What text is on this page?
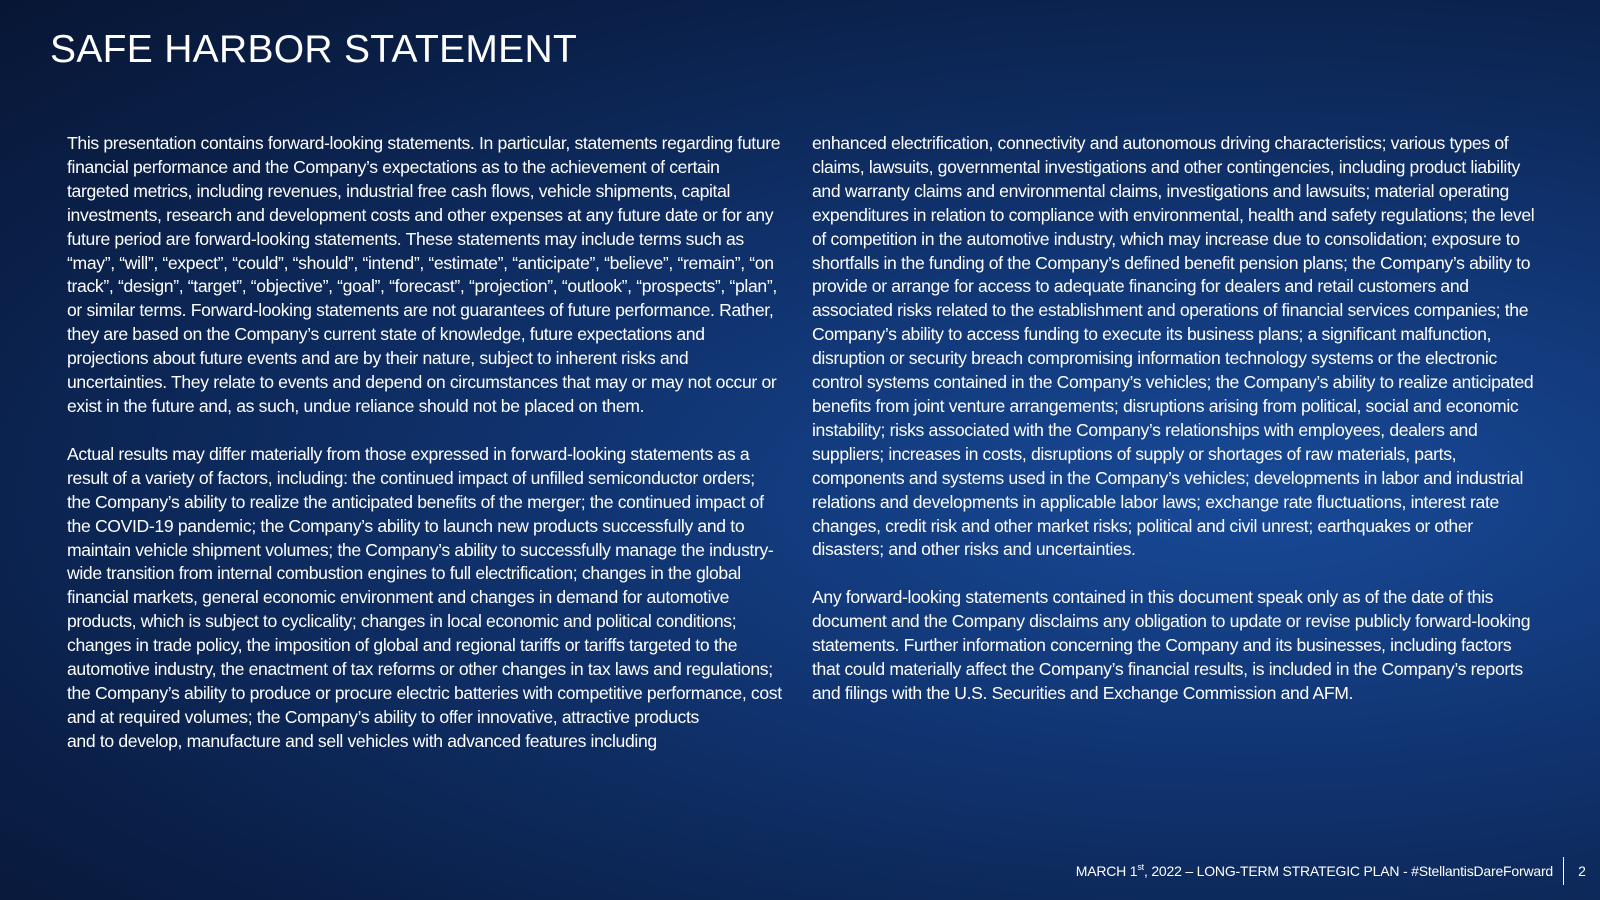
SAFE HARBOR STATEMENT

This presentation contains forward-looking statements. In particular, statements regarding future financial performance and the Company’s expectations as to the achievement of certain targeted metrics, including revenues, industrial free cash flows, vehicle shipments, capital investments, research and development costs and other expenses at any future date or for any future period are forward-looking statements. These statements may include terms such as “may”, “will”, “expect”, “could”, “should”, “intend”, “estimate”, “anticipate”, “believe”, “remain”, “on track”, “design”, “target”, “objective”, “goal”, “forecast”, “projection”, “outlook”, “prospects”, “plan”, or similar terms. Forward-looking statements are not guarantees of future performance. Rather, they are based on the Company’s current state of knowledge, future expectations and projections about future events and are by their nature, subject to inherent risks and uncertainties. They relate to events and depend on circumstances that may or may not occur or exist in the future and, as such, undue reliance should not be placed on them.

Actual results may differ materially from those expressed in forward-looking statements as a result of a variety of factors, including: the continued impact of unfilled semiconductor orders; the Company’s ability to realize the anticipated benefits of the merger; the continued impact of the COVID-19 pandemic; the Company’s ability to launch new products successfully and to maintain vehicle shipment volumes; the Company’s ability to successfully manage the industry-wide transition from internal combustion engines to full electrification; changes in the global financial markets, general economic environment and changes in demand for automotive products, which is subject to cyclicality; changes in local economic and political conditions; changes in trade policy, the imposition of global and regional tariffs or tariffs targeted to the automotive industry, the enactment of tax reforms or other changes in tax laws and regulations; the Company’s ability to produce or procure electric batteries with competitive performance, cost and at required volumes; the Company’s ability to offer innovative, attractive products

and to develop, manufacture and sell vehicles with advanced features including

enhanced electrification, connectivity and autonomous driving characteristics; various types of claims, lawsuits, governmental investigations and other contingencies, including product liability and warranty claims and environmental claims, investigations and lawsuits; material operating expenditures in relation to compliance with environmental, health and safety regulations; the level of competition in the automotive industry, which may increase due to consolidation; exposure to shortfalls in the funding of the Company’s defined benefit pension plans; the Company’s ability to provide or arrange for access to adequate financing for dealers and retail customers and associated risks related to the establishment and operations of financial services companies; the Company’s ability to access funding to execute its business plans; a significant malfunction, disruption or security breach compromising information technology systems or the electronic control systems contained in the Company’s vehicles; the Company’s ability to realize anticipated benefits from joint venture arrangements; disruptions arising from political, social and economic instability; risks associated with the Company’s relationships with employees, dealers and suppliers; increases in costs, disruptions of supply or shortages of raw materials, parts, components and systems used in the Company’s vehicles; developments in labor and industrial relations and developments in applicable labor laws; exchange rate fluctuations, interest rate changes, credit risk and other market risks; political and civil unrest; earthquakes or other disasters; and other risks and uncertainties.

Any forward-looking statements contained in this document speak only as of the date of this document and the Company disclaims any obligation to update or revise publicly forward-looking statements. Further information concerning the Company and its businesses, including factors that could materially affect the Company’s financial results, is included in the Company’s reports and filings with the U.S. Securities and Exchange Commission and AFM.

MARCH 1st, 2022 – LONG-TERM STRATEGIC PLAN - #StellantisDareForward	2
